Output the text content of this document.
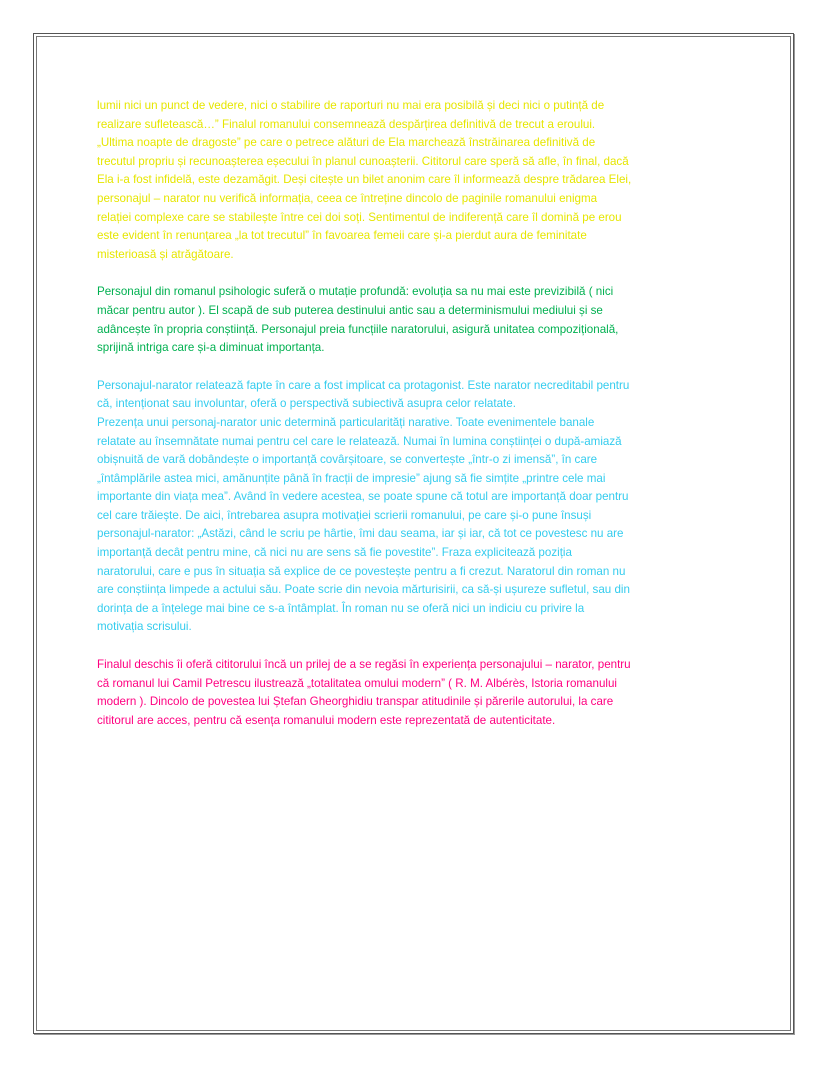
lumii nici un punct de vedere, nici o stabilire de raporturi nu mai era posibilă și deci nici o putință de
realizare sufletească…” Finalul romanului consemnează despărțirea definitivă de trecut a eroului.
„Ultima noapte de dragoste” pe care o petrece alături de Ela marchează înstrăinarea definitivă de
trecutul propriu și recunoașterea eșecului în planul cunoașterii. Cititorul care speră să afle, în final, dacă
Ela i-a fost infidelă, este dezamăgit. Deși citește un bilet anonim care îl informează despre trădarea Elei,
personajul – narator nu verifică informația, ceea ce întreține dincolo de paginile romanului enigma
relației complexe care se stabilește între cei doi soți. Sentimentul de indiferență care îl domină pe erou
este evident în renunțarea „la tot trecutul” în favoarea femeii care și-a pierdut aura de feminitate
misterioasă și atrăgătoare.

Personajul din romanul psihologic suferă o mutație profundă: evoluția sa nu mai este previzibilă ( nici
măcar pentru autor ). El scapă de sub puterea destinului antic sau a determinismului mediului și se
adâncește în propria conștiință. Personajul preia funcțiile naratorului, asigură unitatea compozițională,
sprijină intriga care și-a diminuat importanța.

Personajul-narator relatează fapte în care a fost implicat ca protagonist. Este narator necreditabil pentru
că, intenționat sau involuntar, oferă o perspectivă subiectivă asupra celor relatate.
Prezența unui personaj-narator unic determină particularități narative. Toate evenimentele banale
relatate au însemnătate numai pentru cel care le relatează. Numai în lumina conștiinței o după-amiază
obișnuită de vară dobândește o importanță covârșitoare, se convertește „într-o zi imensă”, în care
„întâmplările astea mici, amănunțite până în fracții de impresie” ajung să fie simțite „printre cele mai
importante din viața mea”. Având în vedere acestea, se poate spune că totul are importanță doar pentru
cel care trăiește. De aici, întrebarea asupra motivației scrierii romanului, pe care și-o pune însuși
personajul-narator: „Astăzi, când le scriu pe hârtie, îmi dau seama, iar și iar, că tot ce povestesc nu are
importanță decât pentru mine, că nici nu are sens să fie povestite”. Fraza explicitează poziția
naratorului, care e pus în situația să explice de ce povestește pentru a fi crezut. Naratorul din roman nu
are conștiința limpede a actului său. Poate scrie din nevoia mărturisirii, ca să-și ușureze sufletul, sau din
dorința de a înțelege mai bine ce s-a întâmplat. În roman nu se oferă nici un indiciu cu privire la
motivația scrisului.

Finalul deschis îi oferă cititorului încă un prilej de a se regăsi în experiența personajului – narator, pentru
că romanul lui Camil Petrescu ilustrează „totalitatea omului modern” ( R. M. Albérès, Istoria romanului
modern ). Dincolo de povestea lui Ștefan Gheorghidiu transpar atitudinile și părerile autorului, la care
cititorul are acces, pentru că esența romanului modern este reprezentată de autenticitate.
